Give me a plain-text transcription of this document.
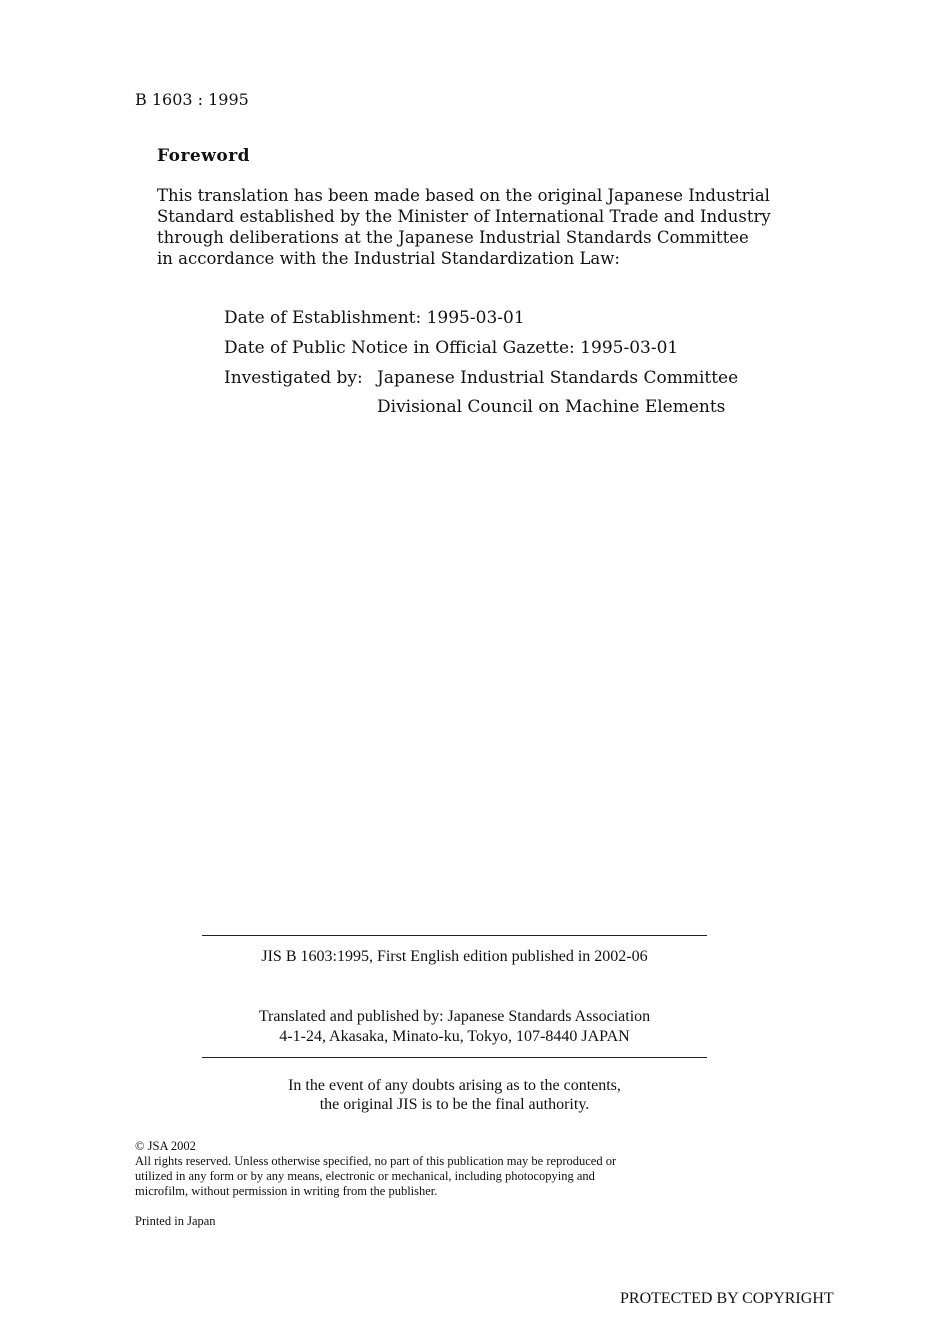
B 1603 : 1995
Foreword
This translation has been made based on the original Japanese Industrial
Standard established by the Minister of International Trade and Industry
through deliberations at the Japanese Industrial Standards Committee
in accordance with the Industrial Standardization Law:
Date of Establishment: 1995-03-01
Date of Public Notice in Official Gazette: 1995-03-01
Investigated by: Japanese Industrial Standards Committee
Divisional Council on Machine Elements
JIS B 1603:1995, First English edition published in 2002-06
Translated and published by: Japanese Standards Association
4-1-24, Akasaka, Minato-ku, Tokyo, 107-8440 JAPAN
In the event of any doubts arising as to the contents,
the original JIS is to be the final authority.
© JSA 2002
All rights reserved. Unless otherwise specified, no part of this publication may be reproduced or
utilized in any form or by any means, electronic or mechanical, including photocopying and
microfilm, without permission in writing from the publisher.
Printed in Japan
PROTECTED BY COPYRIGHT
